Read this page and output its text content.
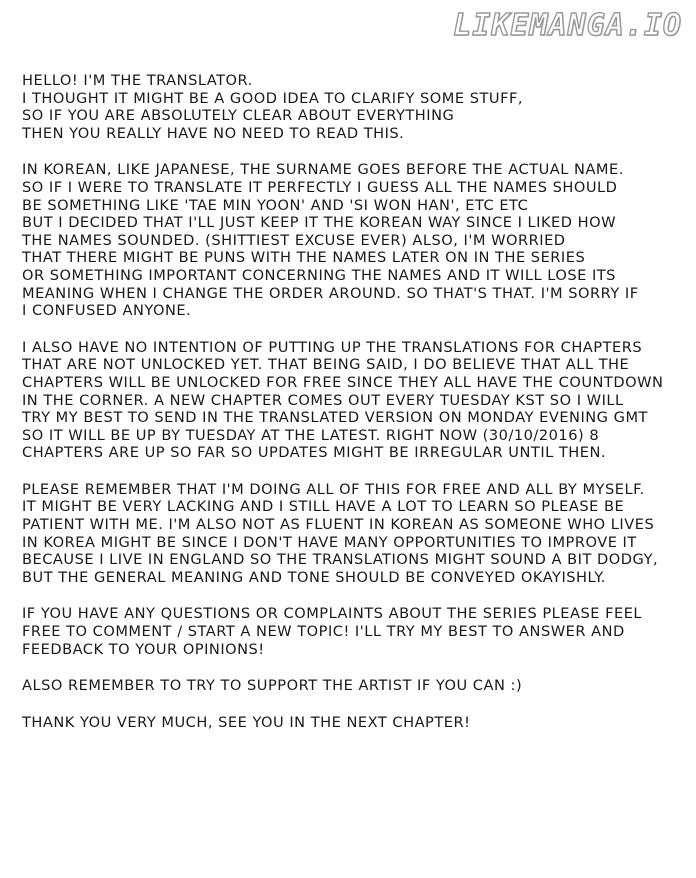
LIKEMANGA.IO
HELLO! I'M THE TRANSLATOR.
I THOUGHT IT MIGHT BE A GOOD IDEA TO CLARIFY SOME STUFF,
SO IF YOU ARE ABSOLUTELY CLEAR ABOUT EVERYTHING
THEN YOU REALLY HAVE NO NEED TO READ THIS.
IN KOREAN, LIKE JAPANESE, THE SURNAME GOES BEFORE THE ACTUAL NAME.
SO IF I WERE TO TRANSLATE IT PERFECTLY I GUESS ALL THE NAMES SHOULD
BE SOMETHING LIKE 'TAE MIN YOON' AND 'SI WON HAN', ETC ETC
BUT I DECIDED THAT I'LL JUST KEEP IT THE KOREAN WAY SINCE I LIKED HOW
THE NAMES SOUNDED. (SHITTIEST EXCUSE EVER) ALSO, I'M WORRIED
THAT THERE MIGHT BE PUNS WITH THE NAMES LATER ON IN THE SERIES
OR SOMETHING IMPORTANT CONCERNING THE NAMES AND IT WILL LOSE ITS
MEANING WHEN I CHANGE THE ORDER AROUND. SO THAT'S THAT. I'M SORRY IF
I CONFUSED ANYONE.
I ALSO HAVE NO INTENTION OF PUTTING UP THE TRANSLATIONS FOR CHAPTERS
THAT ARE NOT UNLOCKED YET. THAT BEING SAID, I DO BELIEVE THAT ALL THE
CHAPTERS WILL BE UNLOCKED FOR FREE SINCE THEY ALL HAVE THE COUNTDOWN
IN THE CORNER. A NEW CHAPTER COMES OUT EVERY TUESDAY KST SO I WILL
TRY MY BEST TO SEND IN THE TRANSLATED VERSION ON MONDAY EVENING GMT
SO IT WILL BE UP BY TUESDAY AT THE LATEST. RIGHT NOW (30/10/2016) 8
CHAPTERS ARE UP SO FAR SO UPDATES MIGHT BE IRREGULAR UNTIL THEN.
PLEASE REMEMBER THAT I'M DOING ALL OF THIS FOR FREE AND ALL BY MYSELF.
IT MIGHT BE VERY LACKING AND I STILL HAVE A LOT TO LEARN SO PLEASE BE
PATIENT WITH ME. I'M ALSO NOT AS FLUENT IN KOREAN AS SOMEONE WHO LIVES
IN KOREA MIGHT BE SINCE I DON'T HAVE MANY OPPORTUNITIES TO IMPROVE IT
BECAUSE I LIVE IN ENGLAND SO THE TRANSLATIONS MIGHT SOUND A BIT DODGY,
BUT THE GENERAL MEANING AND TONE SHOULD BE CONVEYED OKAYISHLY.
IF YOU HAVE ANY QUESTIONS OR COMPLAINTS ABOUT THE SERIES PLEASE FEEL
FREE TO COMMENT / START A NEW TOPIC! I'LL TRY MY BEST TO ANSWER AND
FEEDBACK TO YOUR OPINIONS!
ALSO REMEMBER TO TRY TO SUPPORT THE ARTIST IF YOU CAN :)
THANK YOU VERY MUCH, SEE YOU IN THE NEXT CHAPTER!
